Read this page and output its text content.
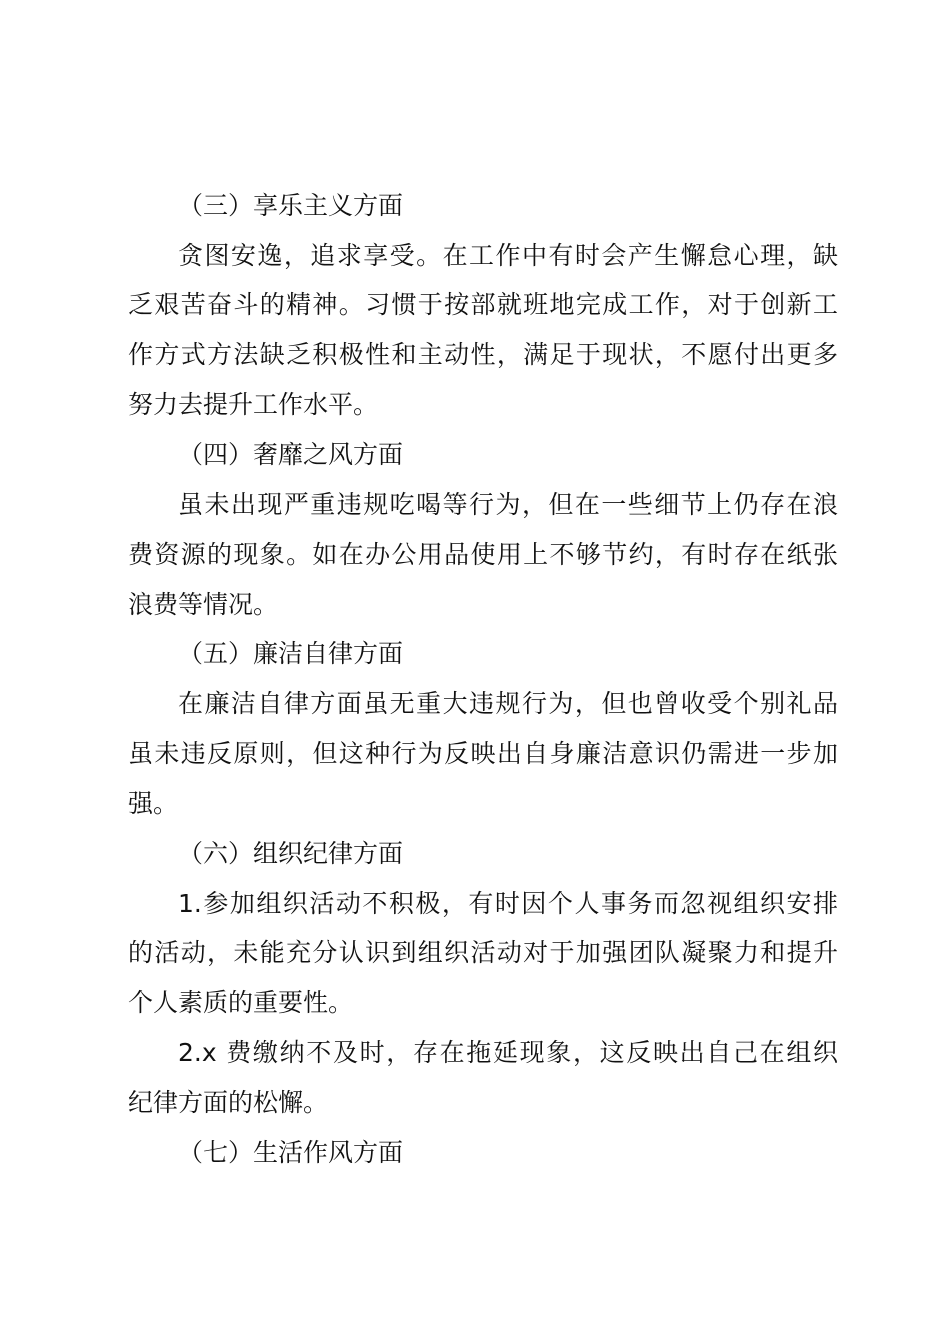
（三）享乐主义方面
贪图安逸，追求享受。在工作中有时会产生懈怠心理，缺
乏艰苦奋斗的精神。习惯于按部就班地完成工作，对于创新工
作方式方法缺乏积极性和主动性，满足于现状，不愿付出更多
努力去提升工作水平。
（四）奢靡之风方面
虽未出现严重违规吃喝等行为，但在一些细节上仍存在浪
费资源的现象。如在办公用品使用上不够节约，有时存在纸张
浪费等情况。
（五）廉洁自律方面
在廉洁自律方面虽无重大违规行为，但也曾收受个别礼品
虽未违反原则，但这种行为反映出自身廉洁意识仍需进一步加
强。
（六）组织纪律方面
1.参加组织活动不积极，有时因个人事务而忽视组织安排
的活动，未能充分认识到组织活动对于加强团队凝聚力和提升
个人素质的重要性。
2.x 费缴纳不及时，存在拖延现象，这反映出自己在组织
纪律方面的松懈。
（七）生活作风方面
